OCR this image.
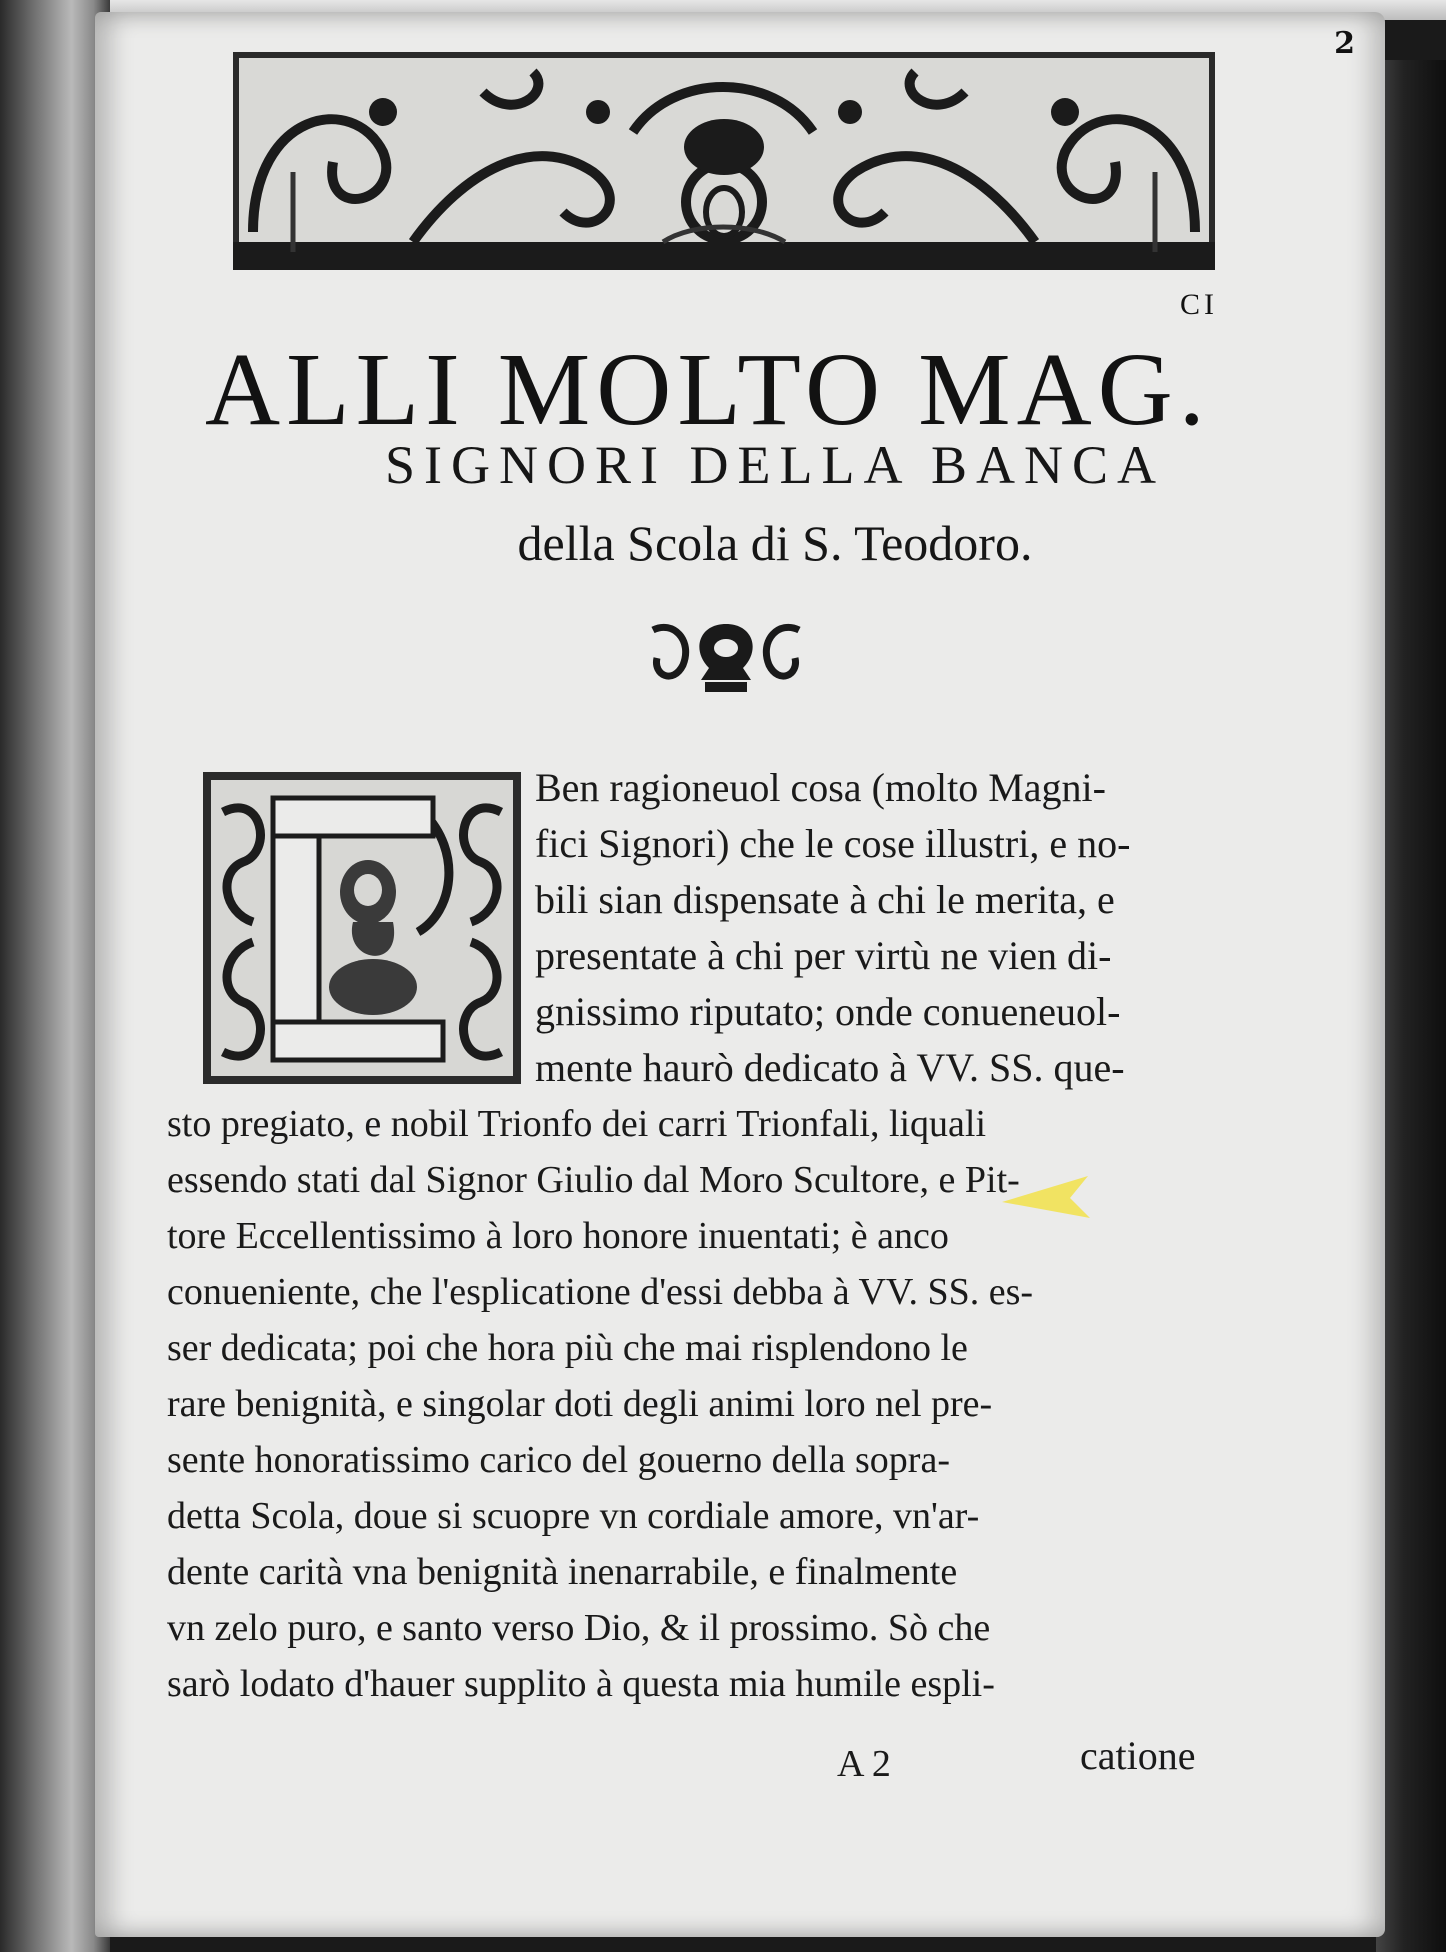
2
CI
ALLI MOLTO MAG.
SIGNORI DELLA BANCA
della Scola di S. Teodoro.
Ben ragioneuol cosa (molto Magni-
fici Signori) che le cose illustri, e no-
bili sian dispensate à chi le merita, e
presentate à chi per virtù ne vien di-
gnissimo riputato; onde conueneuol-
mente haurò dedicato à VV. SS. que-
sto pregiato, e nobil Trionfo dei carri Trionfali, liquali
essendo stati dal Signor Giulio dal Moro Scultore, e Pit-
tore Eccellentissimo à loro honore inuentati; è anco
conueniente, che l'esplicatione d'essi debba à VV. SS. es-
ser dedicata; poi che hora più che mai risplendono le
rare benignità, e singolar doti degli animi loro nel pre-
sente honoratissimo carico del gouerno della sopra-
detta Scola, doue si scuopre vn cordiale amore, vn'ar-
dente carità vna benignità inenarrabile, e finalmente
vn zelo puro, e santo verso Dio, & il prossimo. Sò che
sarò lodato d'hauer supplito à questa mia humile espli-
A 2	catione
